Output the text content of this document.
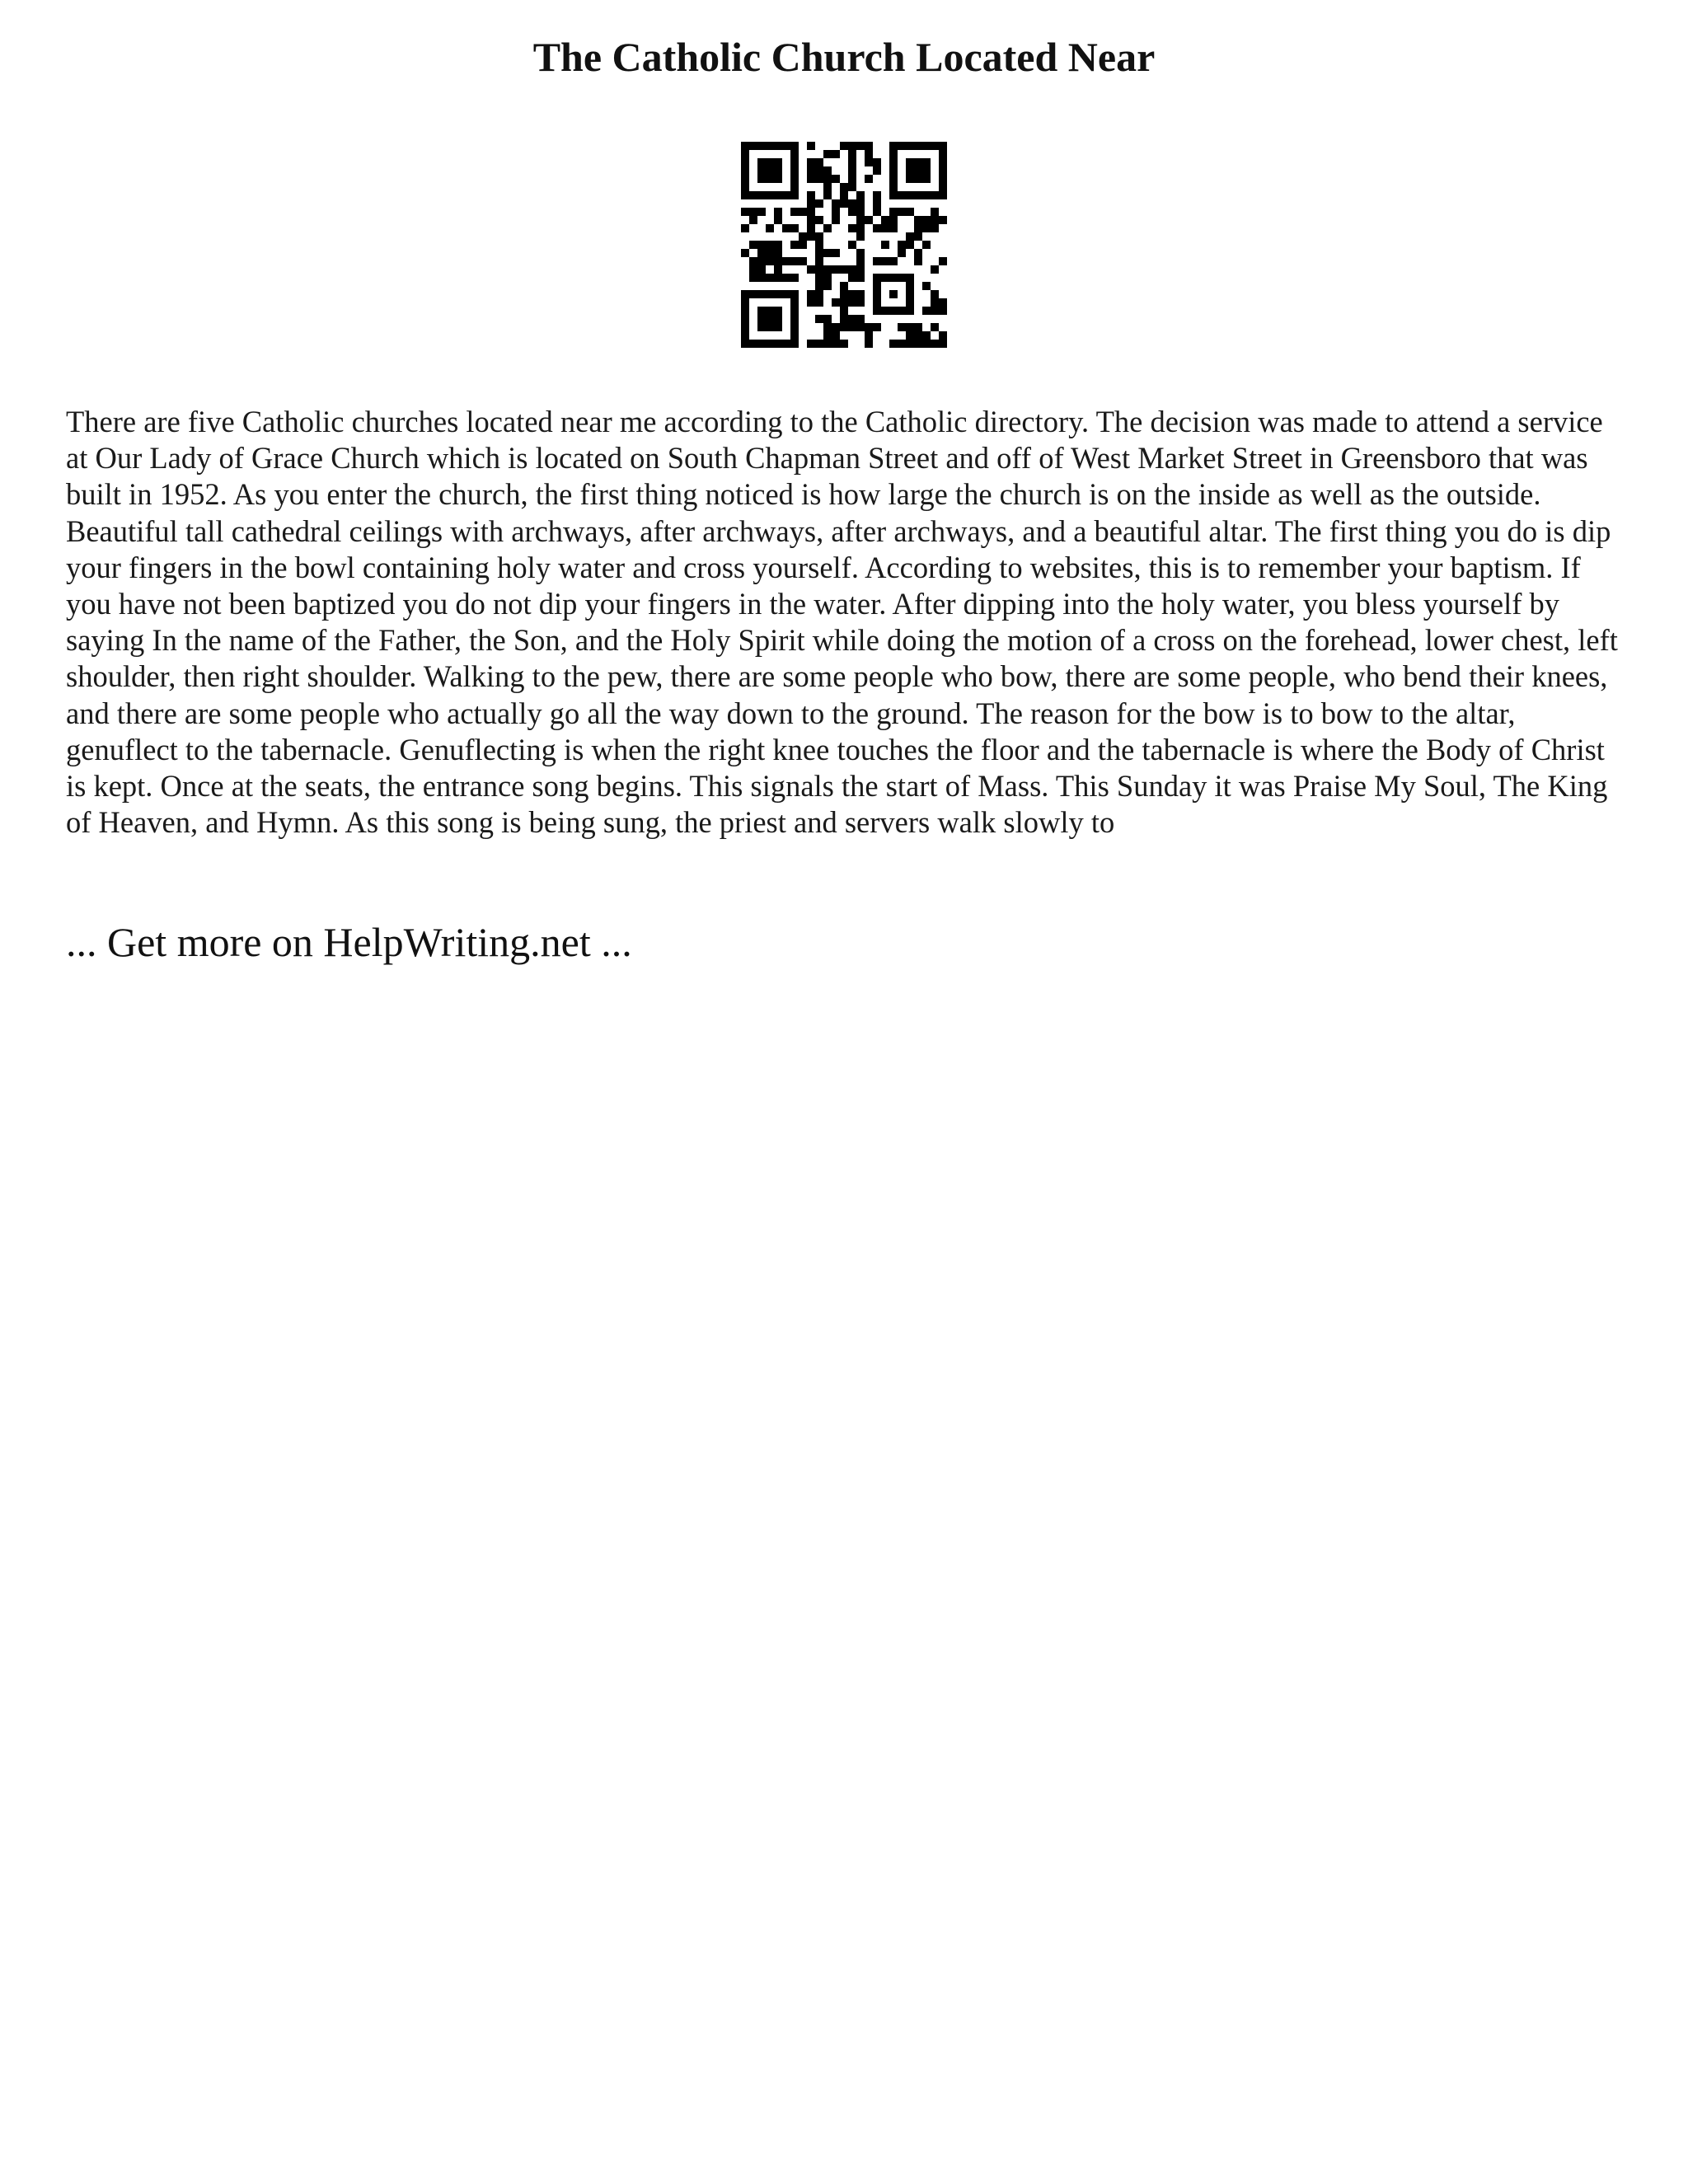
The Catholic Church Located Near

There are five Catholic churches located near me according to the Catholic directory. The decision was made to attend a service at Our Lady of Grace Church which is located on South Chapman Street and off of West Market Street in Greensboro that was built in 1952. As you enter the church, the first thing noticed is how large the church is on the inside as well as the outside. Beautiful tall cathedral ceilings with archways, after archways, after archways, and a beautiful altar. The first thing you do is dip your fingers in the bowl containing holy water and cross yourself. According to websites, this is to remember your baptism. If you have not been baptized you do not dip your fingers in the water. After dipping into the holy water, you bless yourself by saying In the name of the Father, the Son, and the Holy Spirit while doing the motion of a cross on the forehead, lower chest, left shoulder, then right shoulder. Walking to the pew, there are some people who bow, there are some people, who bend their knees, and there are some people who actually go all the way down to the ground. The reason for the bow is to bow to the altar, genuflect to the tabernacle. Genuflecting is when the right knee touches the floor and the tabernacle is where the Body of Christ is kept. Once at the seats, the entrance song begins. This signals the start of Mass. This Sunday it was Praise My Soul, The King of Heaven, and Hymn. As this song is being sung, the priest and servers walk slowly to

... Get more on HelpWriting.net ...
